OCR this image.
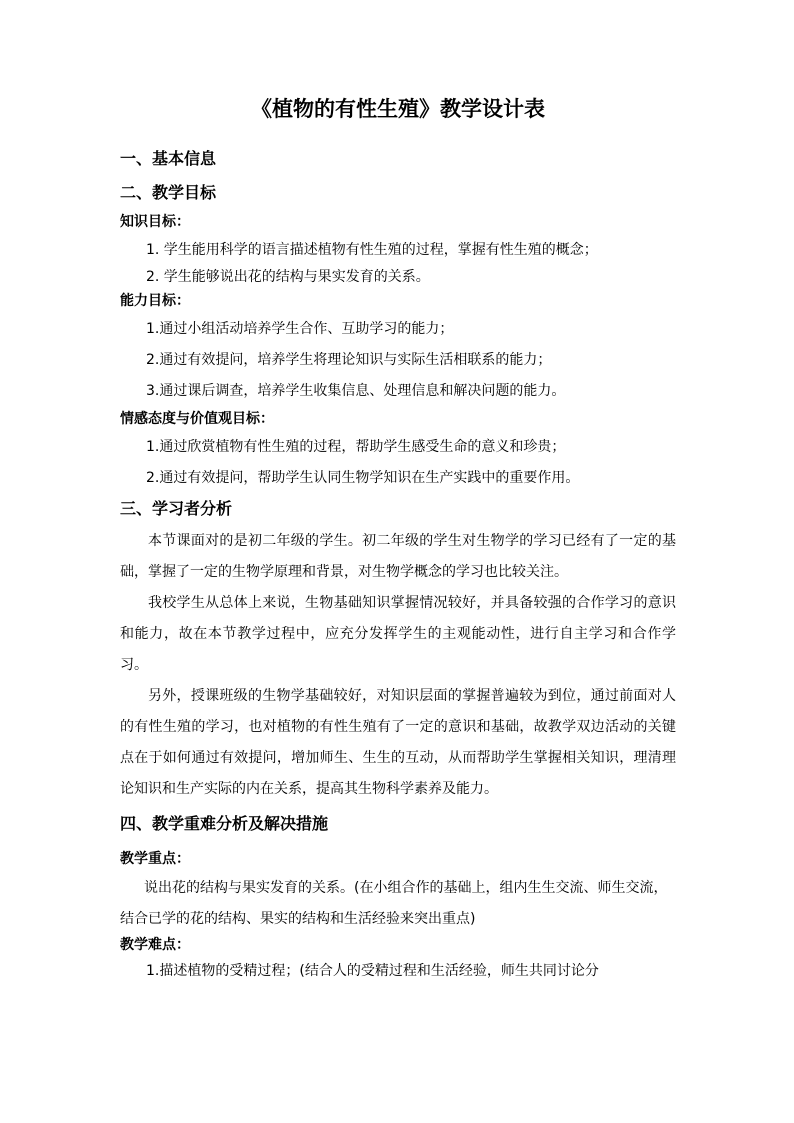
《植物的有性生殖》教学设计表
一、基本信息
二、教学目标
知识目标：
1. 学生能用科学的语言描述植物有性生殖的过程，掌握有性生殖的概念；
2. 学生能够说出花的结构与果实发育的关系。
能力目标：
1.通过小组活动培养学生合作、互助学习的能力；
2.通过有效提问，培养学生将理论知识与实际生活相联系的能力；
3.通过课后调查，培养学生收集信息、处理信息和解决问题的能力。
情感态度与价值观目标：
1.通过欣赏植物有性生殖的过程，帮助学生感受生命的意义和珍贵；
2.通过有效提问，帮助学生认同生物学知识在生产实践中的重要作用。
三、学习者分析
本节课面对的是初二年级的学生。初二年级的学生对生物学的学习已经有了一定的基础，掌握了一定的生物学原理和背景，对生物学概念的学习也比较关注。
我校学生从总体上来说，生物基础知识掌握情况较好，并具备较强的合作学习的意识和能力，故在本节教学过程中，应充分发挥学生的主观能动性，进行自主学习和合作学习。
另外，授课班级的生物学基础较好，对知识层面的掌握普遍较为到位，通过前面对人的有性生殖的学习，也对植物的有性生殖有了一定的意识和基础，故教学双边活动的关键点在于如何通过有效提问，增加师生、生生的互动，从而帮助学生掌握相关知识，理清理论知识和生产实际的内在关系，提高其生物科学素养及能力。
四、教学重难分析及解决措施
教学重点：
说出花的结构与果实发育的关系。(在小组合作的基础上，组内生生交流、师生交流，结合已学的花的结构、果实的结构和生活经验来突出重点)
教学难点：
1.描述植物的受精过程；(结合人的受精过程和生活经验，师生共同讨论分
